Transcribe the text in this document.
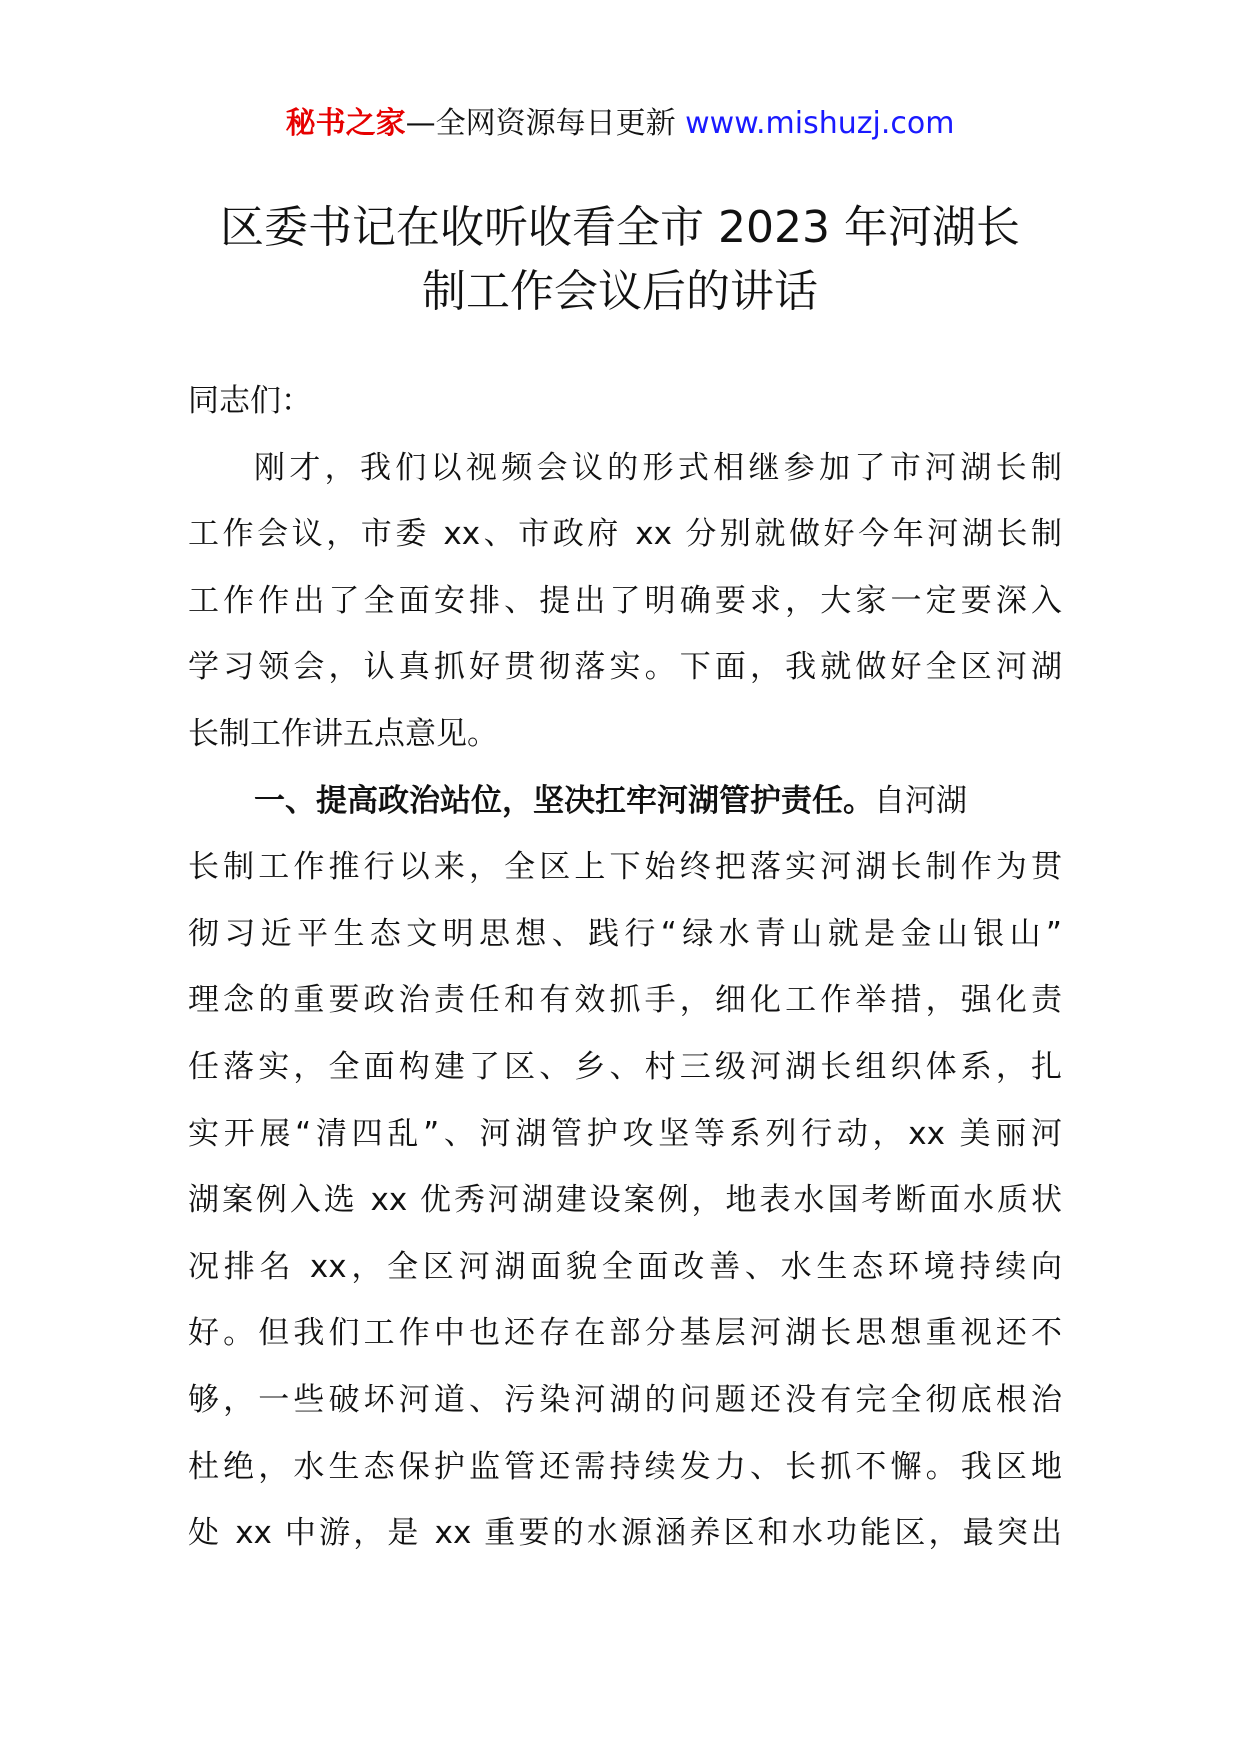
秘书之家—全网资源每日更新 www.mishuzj.com
区委书记在收听收看全市 2023 年河湖长
制工作会议后的讲话
同志们：
刚才，我们以视频会议的形式相继参加了市河湖长制
工作会议，市委 xx、市政府 xx 分别就做好今年河湖长制
工作作出了全面安排、提出了明确要求，大家一定要深入
学习领会，认真抓好贯彻落实。下面，我就做好全区河湖
长制工作讲五点意见。
一、提高政治站位，坚决扛牢河湖管护责任。自河湖
长制工作推行以来，全区上下始终把落实河湖长制作为贯
彻习近平生态文明思想、践行“绿水青山就是金山银山”
理念的重要政治责任和有效抓手，细化工作举措，强化责
任落实，全面构建了区、乡、村三级河湖长组织体系，扎
实开展“清四乱”、河湖管护攻坚等系列行动，xx 美丽河
湖案例入选 xx 优秀河湖建设案例，地表水国考断面水质状
况排名 xx，全区河湖面貌全面改善、水生态环境持续向
好。但我们工作中也还存在部分基层河湖长思想重视还不
够，一些破坏河道、污染河湖的问题还没有完全彻底根治
杜绝，水生态保护监管还需持续发力、长抓不懈。我区地
处 xx 中游，是 xx 重要的水源涵养区和水功能区，最突出
